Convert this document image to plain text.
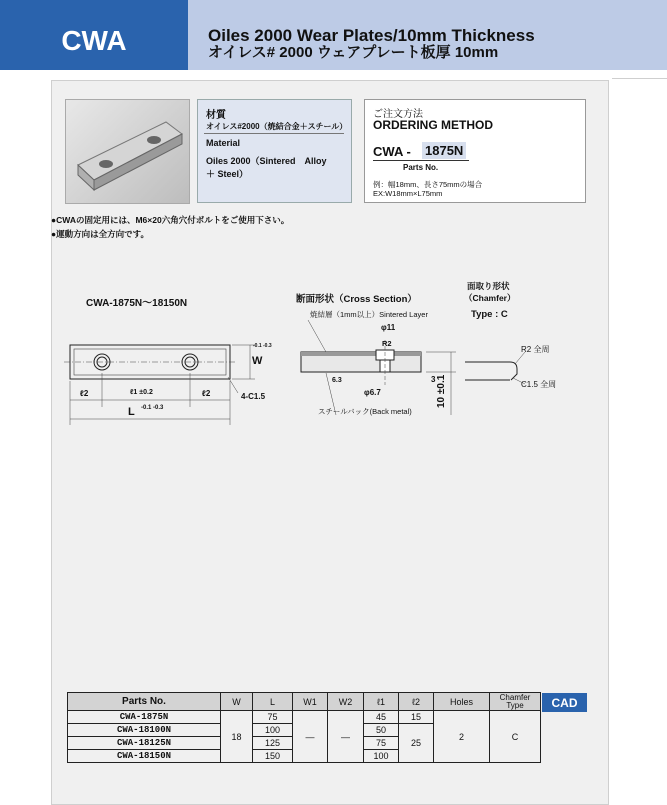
CWA	Oiles 2000 Wear Plates/10mm Thickness
オイレス# 2000 ウェアプレート板厚 10mm
材質
オイレス#2000（焼結合金＋スチール）
Material
Oiles 2000（Sintered　Alloy
＋ Steel）
ご注文方法
ORDERING METHOD
CWA - 1875N
Parts No.
例：幅18mm、長さ75mmの場合
EX:W18mm×L75mm
●CWAの固定用には、M6×20六角穴付ボルトをご使用下さい。
●運動方向は全方向です。
CWA-1875N～18150N	断面形状（Cross Section）
面取り形状
（Chamfer）
Type : C
ℓ2	ℓ1 ±0.2	ℓ2
L -0.1 -0.3
W
-0.1 -0.3
4-C1.5
焼結層（1mm以上）Sintered Layer
φ11
R2
6.3
φ6.7
3 10 ±0.1
スチールバック(Back metal)
R2 全周
C1.5 全周
Parts No.	W	L	W1	W2	ℓ1	ℓ2	Holes	Chamfer Type
CWA-1875N	18	75	—	—	45	15	2	C
CWA-18100N		100			50	25		
CWA-18125N		125			75			
CWA-18150N		150			100			
CAD
